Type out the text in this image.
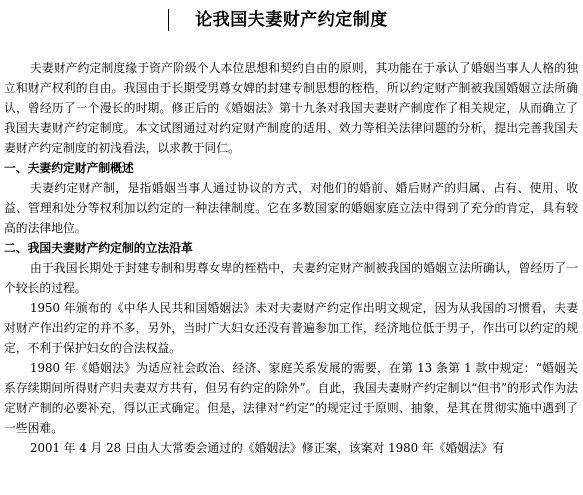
论我国夫妻财产约定制度

夫妻财产约定制度缘于资产阶级个人本位思想和契约自由的原则，其功能在于承认了婚姻当事人人格的独立和财产权利的自由。我国由于长期受男尊女婢的封建专制思想的桎梏，所以约定财产制被我国婚姻立法所确认，曾经历了一个漫长的时期。修正后的《婚姻法》第十九条对我国夫妻财产制度作了相关规定，从而确立了我国夫妻财产约定制度。本文试图通过对约定财产制度的适用、效力等相关法律问题的分析，提出完善我国夫妻财产约定制度的初浅看法，以求教于同仁。

一、夫妻约定财产制概述

夫妻约定财产制，是指婚姻当事人通过协议的方式，对他们的婚前、婚后财产的归属、占有、使用、收益、管理和处分等权利加以约定的一种法律制度。它在多数国家的婚姻家庭立法中得到了充分的肯定，具有较高的法律地位。

二、我国夫妻财产约定制的立法沿革

由于我国长期处于封建专制和男尊女卑的桎梏中，夫妻约定财产制被我国的婚姻立法所确认，曾经历了一个较长的过程。

1950 年颁布的《中华人民共和国婚姻法》未对夫妻财产约定作出明文规定，因为从我国的习惯看，夫妻对财产作出约定的并不多，另外，当时广大妇女还没有普遍参加工作，经济地位低于男子，作出可以约定的规定，不利于保护妇女的合法权益。

1980 年《婚姻法》为适应社会政治、经济、家庭关系发展的需要，在第 13 条第 1 款中规定：“婚姻关系存续期间所得财产归夫妻双方共有，但另有约定的除外”。自此，我国夫妻财产约定制以“但书”的形式作为法定财产制的必要补充，得以正式确定。但是，法律对“约定”的规定过于原则、抽象，是其在贯彻实施中遇到了一些困难。

2001 年 4 月 28 日由人大常委会通过的《婚姻法》修正案，该案对 1980 年《婚姻法》有
